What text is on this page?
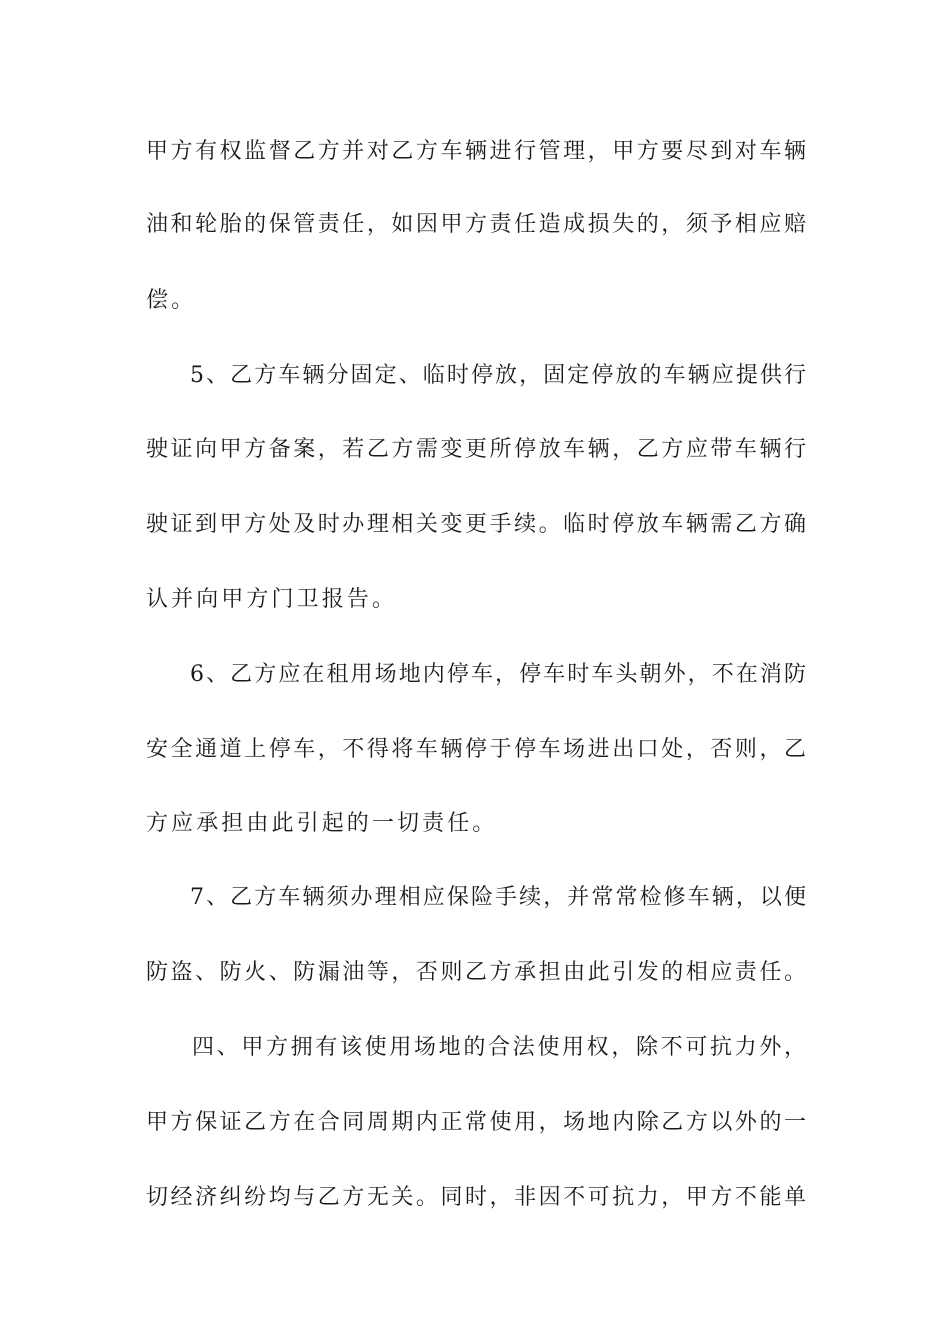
甲方有权监督乙方并对乙方车辆进行管理，甲方要尽到对车辆
油和轮胎的保管责任，如因甲方责任造成损失的，须予相应赔
偿。
5、乙方车辆分固定、临时停放，固定停放的车辆应提供行
驶证向甲方备案，若乙方需变更所停放车辆，乙方应带车辆行
驶证到甲方处及时办理相关变更手续。临时停放车辆需乙方确
认并向甲方门卫报告。
6、乙方应在租用场地内停车，停车时车头朝外，不在消防
安全通道上停车，不得将车辆停于停车场进出口处，否则，乙
方应承担由此引起的一切责任。
7、乙方车辆须办理相应保险手续，并常常检修车辆，以便
防盗、防火、防漏油等，否则乙方承担由此引发的相应责任。
四、甲方拥有该使用场地的合法使用权，除不可抗力外，
甲方保证乙方在合同周期内正常使用，场地内除乙方以外的一
切经济纠纷均与乙方无关。同时，非因不可抗力，甲方不能单
